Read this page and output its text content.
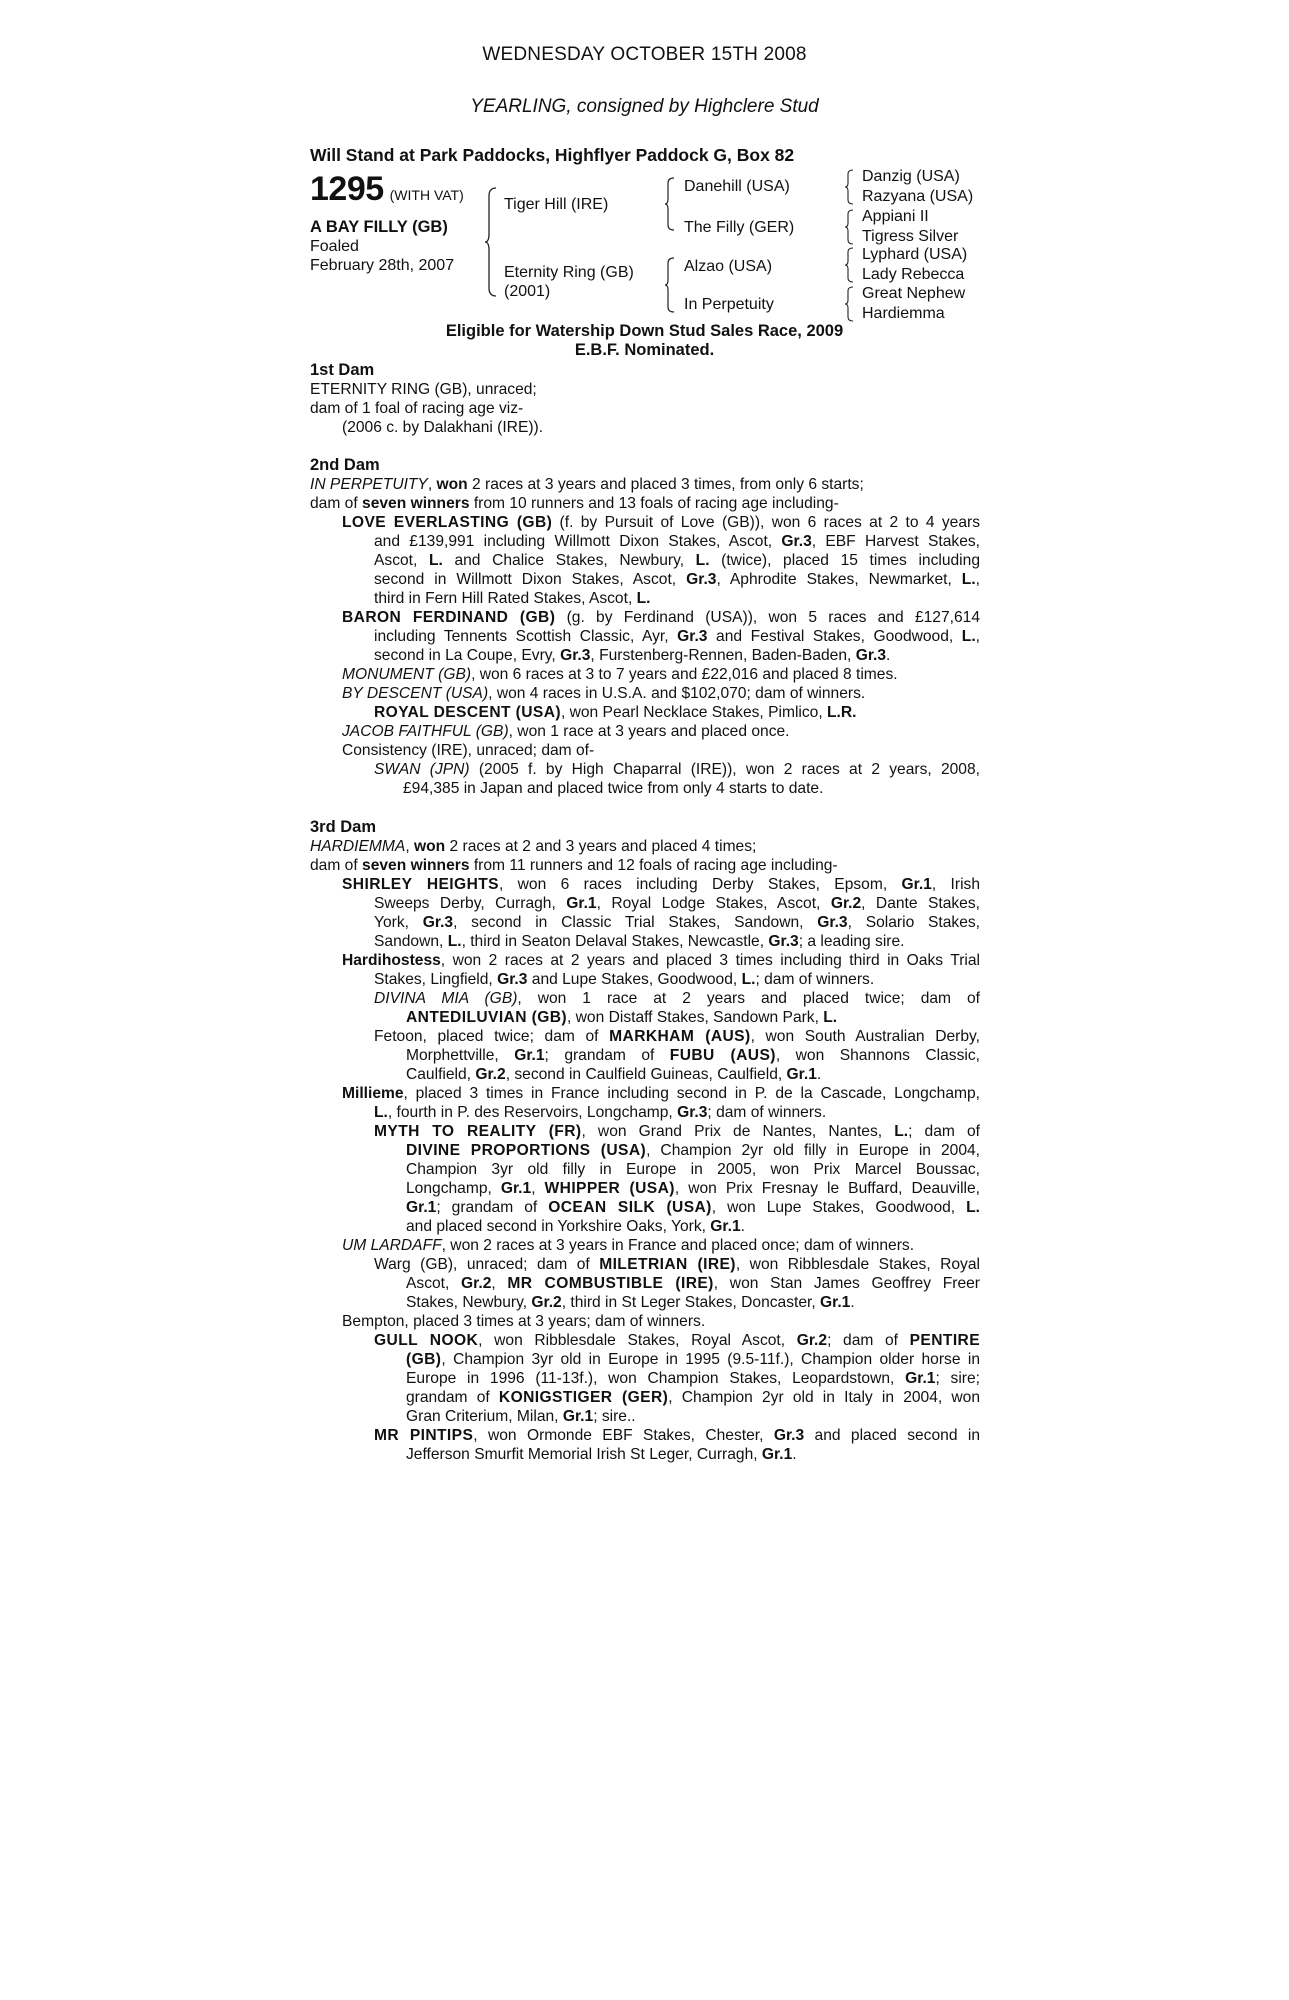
WEDNESDAY OCTOBER 15TH 2008
YEARLING, consigned by Highclere Stud
Will Stand at Park Paddocks, Highflyer Paddock G, Box 82
1295 (WITH VAT)
A BAY FILLY (GB)
Foaled
February 28th, 2007
Tiger Hill (IRE)
Eternity Ring (GB)
(2001)
Danehill (USA)
The Filly (GER)
Alzao (USA)
In Perpetuity
Danzig (USA)
Razyana (USA)
Appiani II
Tigress Silver
Lyphard (USA)
Lady Rebecca
Great Nephew
Hardiemma
Eligible for Watership Down Stud Sales Race, 2009
E.B.F. Nominated.
1st Dam
ETERNITY RING (GB), unraced;
dam of 1 foal of racing age viz-
(2006 c. by Dalakhani (IRE)).
2nd Dam
IN PERPETUITY, won 2 races at 3 years and placed 3 times, from only 6 starts;
dam of seven winners from 10 runners and 13 foals of racing age including-
LOVE EVERLASTING (GB) (f. by Pursuit of Love (GB)), won 6 races at 2 to 4 years
and £139,991 including Willmott Dixon Stakes, Ascot, Gr.3, EBF Harvest Stakes,
Ascot, L. and Chalice Stakes, Newbury, L. (twice), placed 15 times including
second in Willmott Dixon Stakes, Ascot, Gr.3, Aphrodite Stakes, Newmarket, L.,
third in Fern Hill Rated Stakes, Ascot, L.
BARON FERDINAND (GB) (g. by Ferdinand (USA)), won 5 races and £127,614
including Tennents Scottish Classic, Ayr, Gr.3 and Festival Stakes, Goodwood, L.,
second in La Coupe, Evry, Gr.3, Furstenberg-Rennen, Baden-Baden, Gr.3.
MONUMENT (GB), won 6 races at 3 to 7 years and £22,016 and placed 8 times.
BY DESCENT (USA), won 4 races in U.S.A. and $102,070; dam of winners.
ROYAL DESCENT (USA), won Pearl Necklace Stakes, Pimlico, L.R.
JACOB FAITHFUL (GB), won 1 race at 3 years and placed once.
Consistency (IRE), unraced; dam of-
SWAN (JPN) (2005 f. by High Chaparral (IRE)), won 2 races at 2 years, 2008,
£94,385 in Japan and placed twice from only 4 starts to date.
3rd Dam
HARDIEMMA, won 2 races at 2 and 3 years and placed 4 times;
dam of seven winners from 11 runners and 12 foals of racing age including-
SHIRLEY HEIGHTS, won 6 races including Derby Stakes, Epsom, Gr.1, Irish
Sweeps Derby, Curragh, Gr.1, Royal Lodge Stakes, Ascot, Gr.2, Dante Stakes,
York, Gr.3, second in Classic Trial Stakes, Sandown, Gr.3, Solario Stakes,
Sandown, L., third in Seaton Delaval Stakes, Newcastle, Gr.3; a leading sire.
Hardihostess, won 2 races at 2 years and placed 3 times including third in Oaks Trial
Stakes, Lingfield, Gr.3 and Lupe Stakes, Goodwood, L.; dam of winners.
DIVINA MIA (GB), won 1 race at 2 years and placed twice; dam of
ANTEDILUVIAN (GB), won Distaff Stakes, Sandown Park, L.
Fetoon, placed twice; dam of MARKHAM (AUS), won South Australian Derby,
Morphettville, Gr.1; grandam of FUBU (AUS), won Shannons Classic,
Caulfield, Gr.2, second in Caulfield Guineas, Caulfield, Gr.1.
Millieme, placed 3 times in France including second in P. de la Cascade, Longchamp,
L., fourth in P. des Reservoirs, Longchamp, Gr.3; dam of winners.
MYTH TO REALITY (FR), won Grand Prix de Nantes, Nantes, L.; dam of
DIVINE PROPORTIONS (USA), Champion 2yr old filly in Europe in 2004,
Champion 3yr old filly in Europe in 2005, won Prix Marcel Boussac,
Longchamp, Gr.1, WHIPPER (USA), won Prix Fresnay le Buffard, Deauville,
Gr.1; grandam of OCEAN SILK (USA), won Lupe Stakes, Goodwood, L.
and placed second in Yorkshire Oaks, York, Gr.1.
UM LARDAFF, won 2 races at 3 years in France and placed once; dam of winners.
Warg (GB), unraced; dam of MILETRIAN (IRE), won Ribblesdale Stakes, Royal
Ascot, Gr.2, MR COMBUSTIBLE (IRE), won Stan James Geoffrey Freer
Stakes, Newbury, Gr.2, third in St Leger Stakes, Doncaster, Gr.1.
Bempton, placed 3 times at 3 years; dam of winners.
GULL NOOK, won Ribblesdale Stakes, Royal Ascot, Gr.2; dam of PENTIRE
(GB), Champion 3yr old in Europe in 1995 (9.5-11f.), Champion older horse in
Europe in 1996 (11-13f.), won Champion Stakes, Leopardstown, Gr.1; sire;
grandam of KONIGSTIGER (GER), Champion 2yr old in Italy in 2004, won
Gran Criterium, Milan, Gr.1; sire..
MR PINTIPS, won Ormonde EBF Stakes, Chester, Gr.3 and placed second in
Jefferson Smurfit Memorial Irish St Leger, Curragh, Gr.1.
